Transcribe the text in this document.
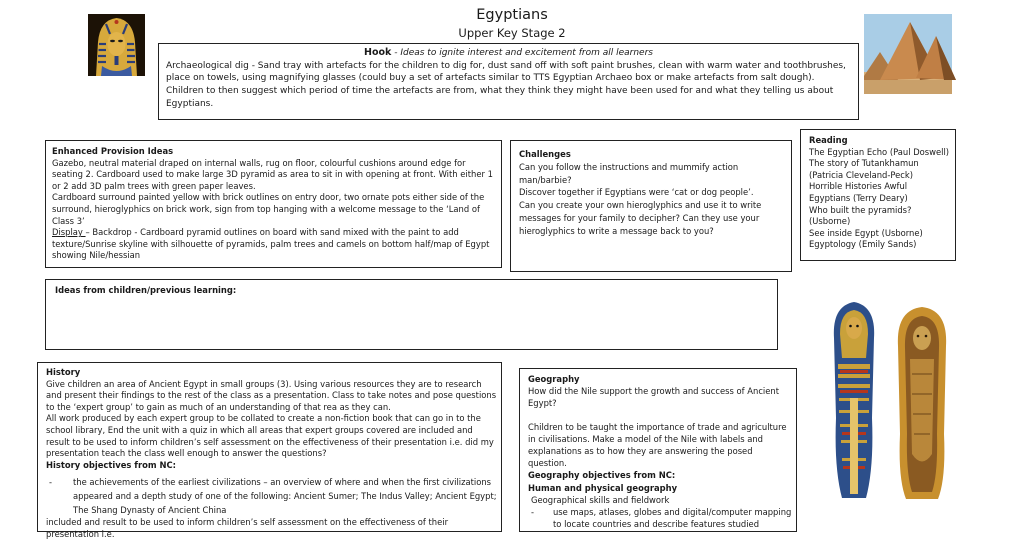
Egyptians
Upper Key Stage 2
Hook - Ideas to ignite interest and excitement from all learners

Archaeological dig - Sand tray with artefacts for the children to dig for, dust sand off with soft paint brushes, clean with warm water and toothbrushes, place on towels, using magnifying glasses (could buy a set of artefacts similar to TTS Egyptian Archaeo box or make artefacts from salt dough). Children to then suggest which period of time the artefacts are from, what they think they might have been used for and what they telling us about Egyptians.

Enhanced Provision Ideas

Gazebo, neutral material draped on internal walls, rug on floor, colourful cushions around edge for seating 2. Cardboard used to make large 3D pyramid as area to sit in with opening at front. With either 1 or 2 add 3D palm trees with green paper leaves.

Cardboard surround painted yellow with brick outlines on entry door, two ornate pots either side of the surround, hieroglyphics on brick work, sign from top hanging with a welcome message to the ‘Land of Class 3’

Display – Backdrop - Cardboard pyramid outlines on board with sand mixed with the paint to add texture/Sunrise skyline with silhouette of pyramids, palm trees and camels on bottom half/map of Egypt showing Nile/hessian

Challenges

Can you follow the instructions and mummify action man/barbie?

Discover together if Egyptians were ‘cat or dog people’.

Can you create your own hieroglyphics and use it to write messages for your family to decipher? Can they use your hieroglyphics to write a message back to you?

Reading
The Egyptian Echo (Paul Doswell)
The story of Tutankhamun (Patricia Cleveland-Peck)
Horrible Histories Awful Egyptians (Terry Deary)
Who built the pyramids? (Usborne)
See inside Egypt (Usborne)
Egyptology (Emily Sands)
Ideas from children/previous learning:
History

Give children an area of Ancient Egypt in small groups (3). Using various resources they are to research and present their findings to the rest of the class as a presentation. Class to take notes and pose questions to the ‘expert group’ to gain as much of an understanding of that rea as they can.

All work produced by each expert group to be collated to create a non-fiction book that can go in to the school library, End the unit with a quiz in which all areas that expert groups covered are included and result to be used to inform children’s self assessment on the effectiveness of their presentation i.e. did my presentation teach the class well enough to answer the questions?

History objectives from NC:
-	the achievements of the earliest civilizations – an overview of where and when the first civilizations appeared and a depth study of one of the following: Ancient Sumer; The Indus Valley; Ancient Egypt; The Shang Dynasty of Ancient China

included and result to be used to inform children’s self assessment on the effectiveness of their presentation i.e.

Geography

How did the Nile support the growth and success of Ancient Egypt?

Children to be taught the importance of trade and agriculture in civilisations. Make a model of the Nile with labels and explanations as to how they are answering the posed question.

Geography objectives from NC:
Human and physical geography

Geographical skills and fieldwork

-	use maps, atlases, globes and digital/computer mapping to locate countries and describe features studied
